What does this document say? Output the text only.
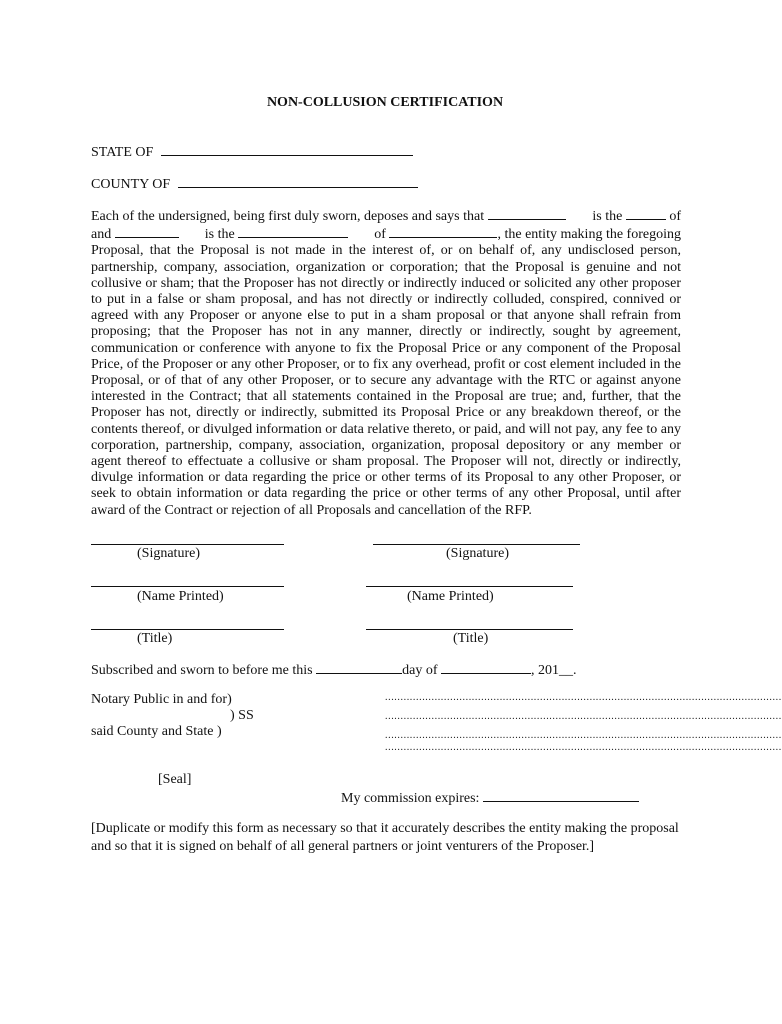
NON-COLLUSION CERTIFICATION
STATE OF
COUNTY OF
Each of the undersigned, being first duly sworn, deposes and says that	is the	of
and	is the	of	, the entity making the foregoing
Proposal, that the Proposal is not made in the interest of, or on behalf of, any undisclosed person, partnership, company, association, organization or corporation; that the Proposal is genuine and not collusive or sham; that the Proposer has not directly or indirectly induced or solicited any other proposer to put in a false or sham proposal, and has not directly or indirectly colluded, conspired, connived or agreed with any Proposer or anyone else to put in a sham proposal or that anyone shall refrain from proposing; that the Proposer has not in any manner, directly or indirectly, sought by agreement, communication or conference with anyone to fix the Proposal Price or any component of the Proposal Price, of the Proposer or any other Proposer, or to fix any overhead, profit or cost element included in the Proposal, or of that of any other Proposer, or to secure any advantage with the RTC or against anyone interested in the Contract; that all statements contained in the Proposal are true; and, further, that the Proposer has not, directly or indirectly, submitted its Proposal Price or any breakdown thereof, or the contents thereof, or divulged information or data relative thereto, or paid, and will not pay, any fee to any corporation, partnership, company, association, organization, proposal depository or any member or agent thereof to effectuate a collusive or sham proposal. The Proposer will not, directly or indirectly, divulge information or data regarding the price or other terms of its Proposal to any other Proposer, or seek to obtain information or data regarding the price or other terms of any other Proposal, until after award of the Contract or rejection of all Proposals and cancellation of the RFP.
(Signature)	(Signature)
(Name Printed)	(Name Printed)
(Title)	(Title)
Subscribed and sworn to before me this	day of	, 201__.
Notary Public in and for)
) SS
said County and State )
................................................................................................................................
................................................................................................................................
................................................................................................................................
................................................................................................................................
[Seal]
My commission expires:
[Duplicate or modify this form as necessary so that it accurately describes the entity making the proposal and so that it is signed on behalf of all general partners or joint venturers of the Proposer.]
